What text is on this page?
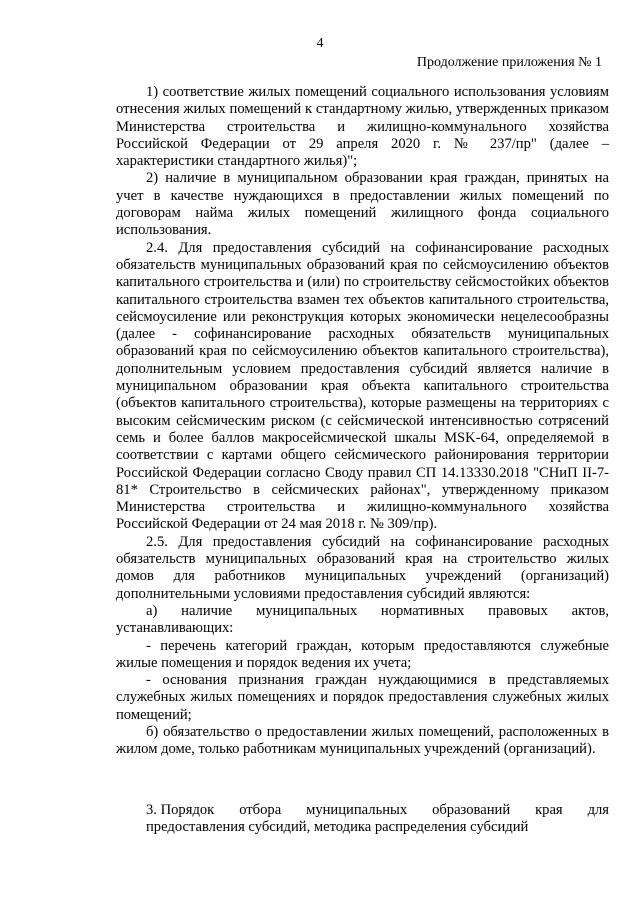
4
Продолжение приложения № 1

1) соответствие жилых помещений социального использования условиям отнесения жилых помещений к стандартному жилью, утвержденных приказом Министерства строительства и жилищно-коммунального хозяйства Российской Федерации от 29 апреля 2020 г. № 237/пр" (далее – характеристики стандартного жилья)";

2) наличие в муниципальном образовании края граждан, принятых на учет в качестве нуждающихся в предоставлении жилых помещений по договорам найма жилых помещений жилищного фонда социального использования.

2.4. Для предоставления субсидий на софинансирование расходных обязательств муниципальных образований края по сейсмоусилению объектов капитального строительства и (или) по строительству сейсмостойких объектов капитального строительства взамен тех объектов капитального строительства, сейсмоусиление или реконструкция которых экономически нецелесообразны (далее - софинансирование расходных обязательств муниципальных образований края по сейсмоусилению объектов капитального строительства), дополнительным условием предоставления субсидий является наличие в муниципальном образовании края объекта капитального строительства (объектов капитального строительства), которые размещены на территориях с высоким сейсмическим риском (с сейсмической интенсивностью сотрясений семь и более баллов макросейсмической шкалы MSK-64, определяемой в соответствии с картами общего сейсмического районирования территории Российской Федерации согласно Своду правил СП 14.13330.2018 "СНиП II-7-81* Строительство в сейсмических районах", утвержденному приказом Министерства строительства и жилищно-коммунального хозяйства Российской Федерации от 24 мая 2018 г. № 309/пр).

2.5. Для предоставления субсидий на софинансирование расходных обязательств муниципальных образований края на строительство жилых домов для работников муниципальных учреждений (организаций) дополнительными условиями предоставления субсидий являются:

а) наличие муниципальных нормативных правовых актов, устанавливающих:

- перечень категорий граждан, которым предоставляются служебные жилые помещения и порядок ведения их учета;

- основания признания граждан нуждающимися в представляемых служебных жилых помещениях и порядок предоставления служебных жилых помещений;

б) обязательство о предоставлении жилых помещений, расположенных в жилом доме, только работникам муниципальных учреждений (организаций).

3. Порядок отбора муниципальных образований края для
предоставления субсидий, методика распределения субсидий
